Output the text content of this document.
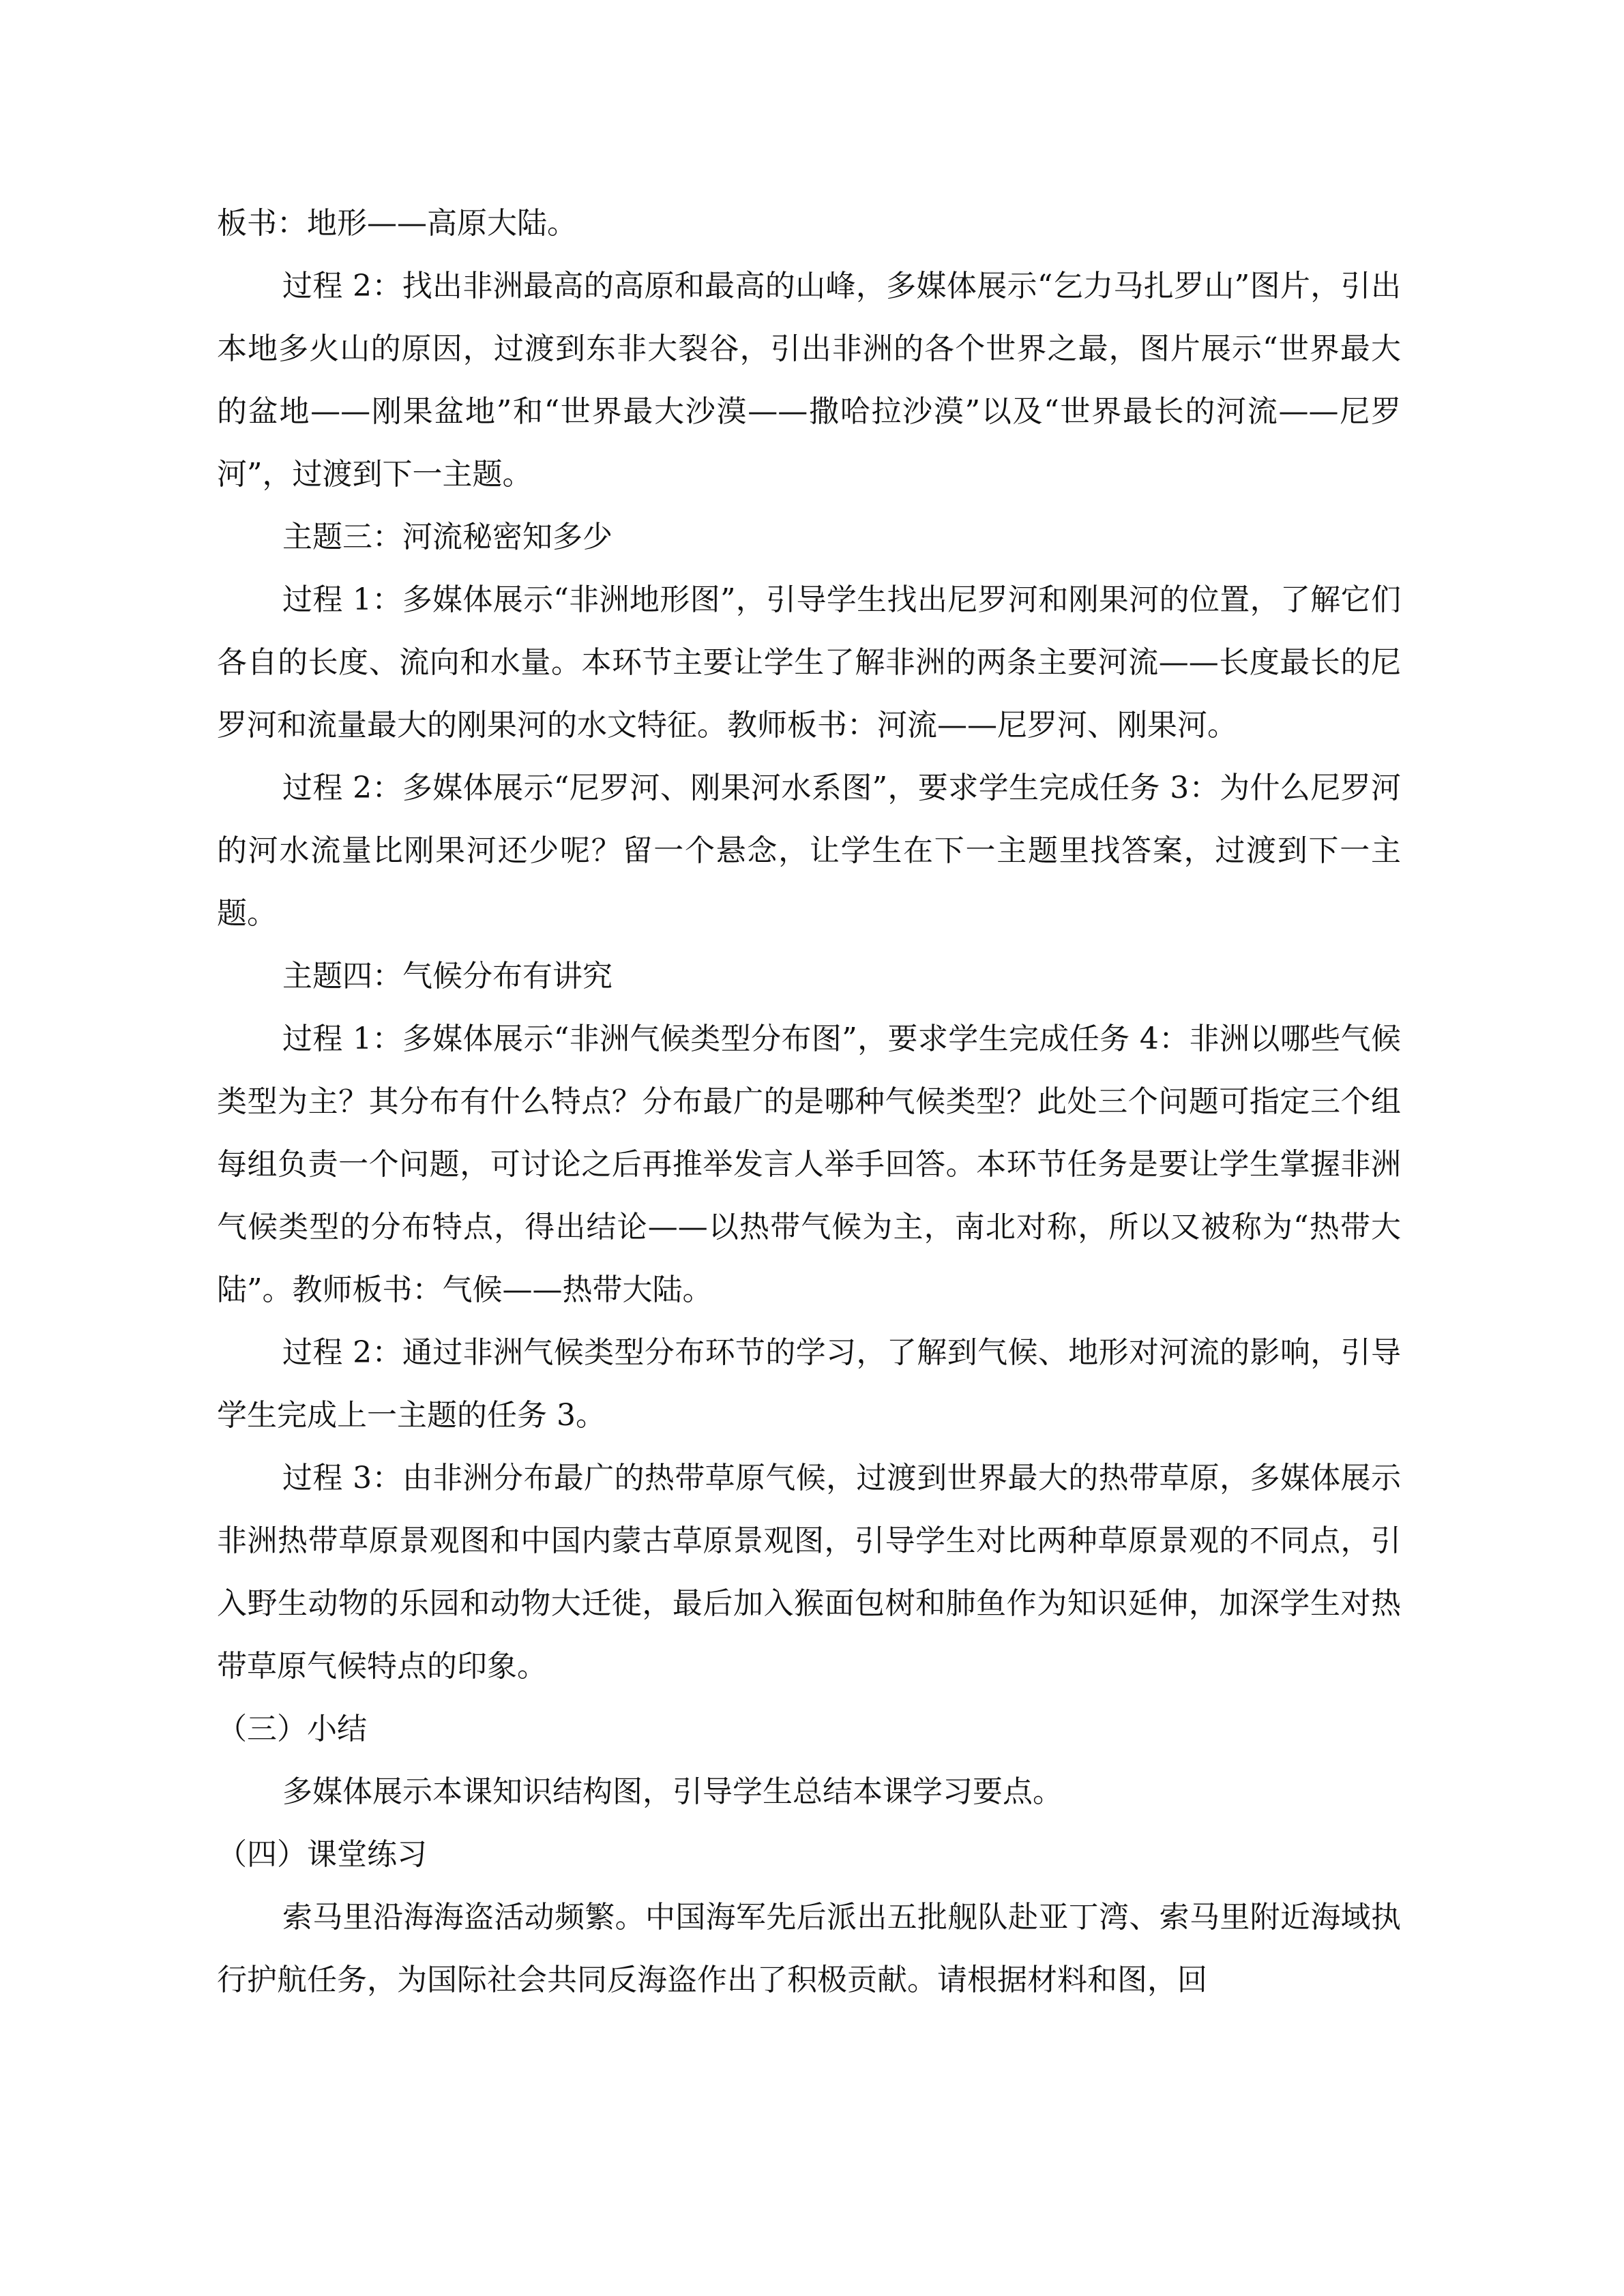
板书：地形——高原大陆。

过程 2：找出非洲最高的高原和最高的山峰，多媒体展示“乞力马扎罗山”图片，引出本地多火山的原因，过渡到东非大裂谷，引出非洲的各个世界之最，图片展示“世界最大的盆地——刚果盆地”和“世界最大沙漠——撒哈拉沙漠”以及“世界最长的河流——尼罗河”，过渡到下一主题。

主题三：河流秘密知多少

过程 1：多媒体展示“非洲地形图”，引导学生找出尼罗河和刚果河的位置，了解它们各自的长度、流向和水量。本环节主要让学生了解非洲的两条主要河流——长度最长的尼罗河和流量最大的刚果河的水文特征。教师板书：河流——尼罗河、刚果河。

过程 2：多媒体展示“尼罗河、刚果河水系图”，要求学生完成任务 3：为什么尼罗河的河水流量比刚果河还少呢？留一个悬念，让学生在下一主题里找答案，过渡到下一主题。

主题四：气候分布有讲究

过程 1：多媒体展示“非洲气候类型分布图”，要求学生完成任务 4：非洲以哪些气候类型为主？其分布有什么特点？分布最广的是哪种气候类型？此处三个问题可指定三个组每组负责一个问题，可讨论之后再推举发言人举手回答。本环节任务是要让学生掌握非洲气候类型的分布特点，得出结论——以热带气候为主，南北对称，所以又被称为“热带大陆”。教师板书：气候——热带大陆。

过程 2：通过非洲气候类型分布环节的学习，了解到气候、地形对河流的影响，引导学生完成上一主题的任务 3。

过程 3：由非洲分布最广的热带草原气候，过渡到世界最大的热带草原，多媒体展示非洲热带草原景观图和中国内蒙古草原景观图，引导学生对比两种草原景观的不同点，引入野生动物的乐园和动物大迁徙，最后加入猴面包树和肺鱼作为知识延伸，加深学生对热带草原气候特点的印象。

（三）小结

多媒体展示本课知识结构图，引导学生总结本课学习要点。

（四）课堂练习

索马里沿海海盗活动频繁。中国海军先后派出五批舰队赴亚丁湾、索马里附近海域执行护航任务，为国际社会共同反海盗作出了积极贡献。请根据材料和图，回
